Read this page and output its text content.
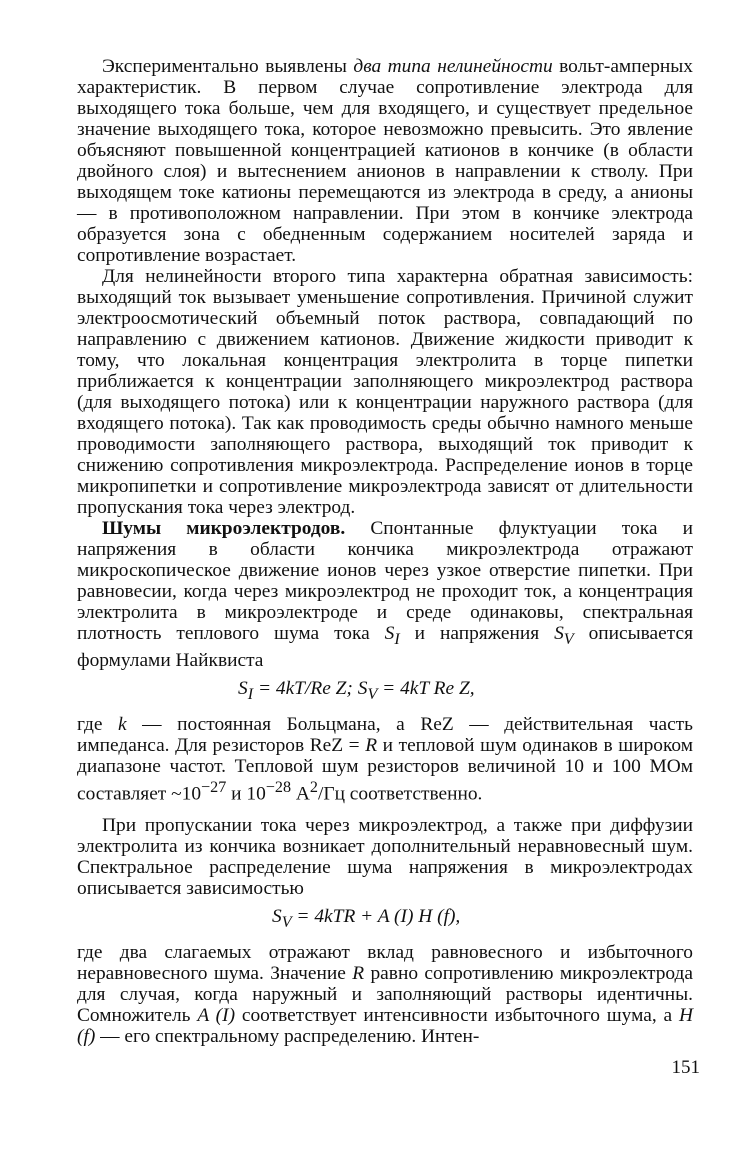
Экспериментально выявлены два типа нелинейности вольт-амперных характеристик. В первом случае сопротивление электрода для выходящего тока больше, чем для входящего, и существует предельное значение выходящего тока, которое невозможно превысить. Это явление объясняют повышенной концентрацией катионов в кончике (в области двойного слоя) и вытеснением анионов в направлении к стволу. При выходящем токе катионы перемещаются из электрода в среду, а анионы — в противоположном направлении. При этом в кончике электрода образуется зона с обедненным содержанием носителей заряда и сопротивление возрастает.

Для нелинейности второго типа характерна обратная зависимость: выходящий ток вызывает уменьшение сопротивления. Причиной служит электроосмотический объемный поток раствора, совпадающий по направлению с движением катионов. Движение жидкости приводит к тому, что локальная концентрация электролита в торце пипетки приближается к концентрации заполняющего микроэлектрод раствора (для выходящего потока) или к концентрации наружного раствора (для входящего потока). Так как проводимость среды обычно намного меньше проводимости заполняющего раствора, выходящий ток приводит к снижению сопротивления микроэлектрода. Распределение ионов в торце микропипетки и сопротивление микроэлектрода зависят от длительности пропускания тока через электрод.

Шумы микроэлектродов. Спонтанные флуктуации тока и напряжения в области кончика микроэлектрода отражают микроскопическое движение ионов через узкое отверстие пипетки. При равновесии, когда через микроэлектрод не проходит ток, а концентрация электролита в микроэлектроде и среде одинаковы, спектральная плотность теплового шума тока $S_I$ и напряжения $S_V$ описывается формулами Найквиста

$S_I = 4kT/Re$ Z; $S_V = 4kT$ Re Z,

где k — постоянная Больцмана, а ReZ — действительная часть импеданса. Для резисторов ReZ = R и тепловой шум одинаков в широком диапазоне частот. Тепловой шум резисторов величиной 10 и 100 МОм составляет $\sim 10^{-27}$ и $10^{-28}$ $А^2/Гц$ соответственно.

При пропускании тока через микроэлектрод, а также при диффузии электролита из кончика возникает дополнительный неравновесный шум. Спектральное распределение шума напряжения в микроэлектродах описывается зависимостью

$S_V = 4kTR + A$ (I) H (f),

где два слагаемых отражают вклад равновесного и избыточного неравновесного шума. Значение R равно сопротивлению микроэлектрода для случая, когда наружный и заполняющий растворы идентичны. Сомножитель A (I) соответствует интенсивности избыточного шума, а H (f) — его спектральному распределению. Интен-

151
